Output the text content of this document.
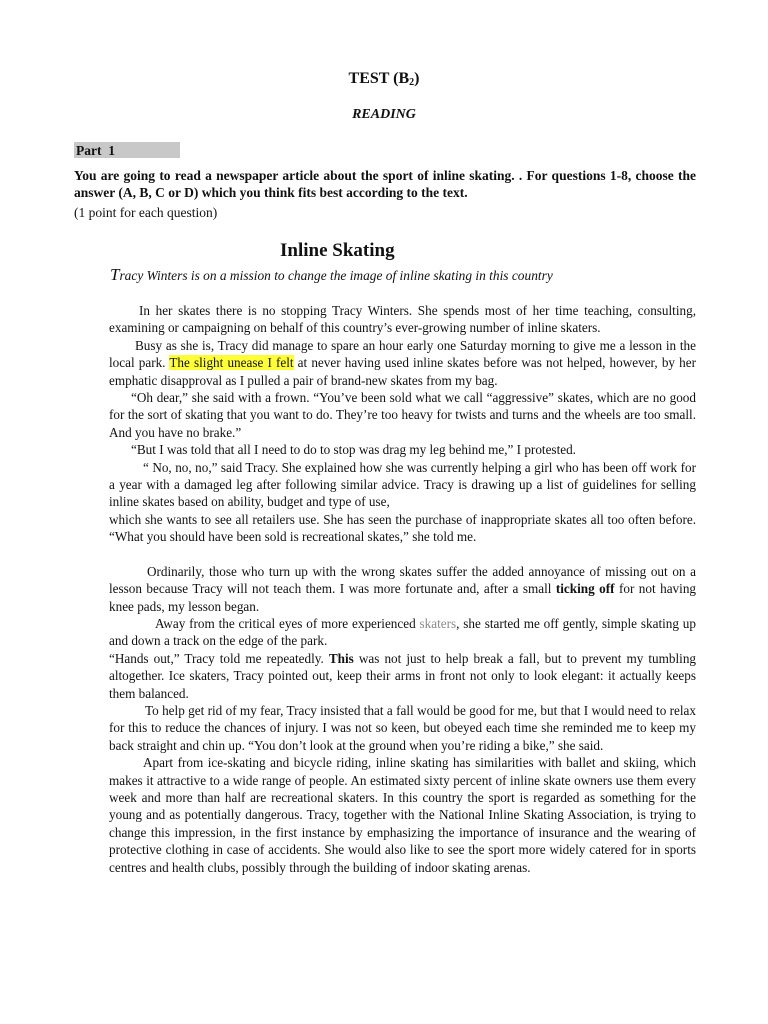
TEST $(B_2)$
READING
Part  1
You are going to read a newspaper article about the sport of inline skating. . For questions 1-8, choose the answer (A, B, C or D) which you think fits best according to the text.
(1 point for each question)
Inline Skating
Tracy Winters is on a mission to change the image of inline skating in this country

In her skates there is no stopping Tracy Winters. She spends most of her time teaching, consulting, examining or campaigning on behalf of this country’s ever-growing number of inline skaters.

Busy as she is, Tracy did manage to spare an hour early one Saturday morning to give me a lesson in the local park. The slight unease I felt at never having used inline skates before was not helped, however, by her emphatic disapproval as I pulled a pair of brand-new skates from my bag.

“Oh dear,” she said with a frown. “You’ve been sold what we call “aggressive” skates, which are no good for the sort of skating that you want to do. They’re too heavy for twists and turns and the wheels are too small. And you have no brake.”

“But I was told that all I need to do to stop was drag my leg behind me,” I protested.

“ No, no, no,” said Tracy. She explained how she was currently helping a girl who has been off work for a year with a damaged leg after following similar advice. Tracy is drawing up a list of guidelines for selling inline skates based on ability, budget and type of use,

which she wants to see all retailers use. She has seen the purchase of inappropriate skates all too often before. “What you should have been sold is recreational skates,” she told me.

Ordinarily, those who turn up with the wrong skates suffer the added annoyance of missing out on a lesson because Tracy will not teach them. I was more fortunate and, after a small ticking off for not having knee pads, my lesson began.

Away from the critical eyes of more experienced skaters, she started me off gently, simple skating up and down a track on the edge of the park.

“Hands out,” Tracy told me repeatedly. This was not just to help break a fall, but to prevent my tumbling altogether. Ice skaters, Tracy pointed out, keep their arms in front not only to look elegant: it actually keeps them balanced.

To help get rid of my fear, Tracy insisted that a fall would be good for me, but that I would need to relax for this to reduce the chances of injury. I was not so keen, but obeyed each time she reminded me to keep my back straight and chin up. “You don’t look at the ground when you’re riding a bike,” she said.

Apart from ice-skating and bicycle riding, inline skating has similarities with ballet and skiing, which makes it attractive to a wide range of people. An estimated sixty percent of inline skate owners use them every week and more than half are recreational skaters. In this country the sport is regarded as something for the young and as potentially dangerous. Tracy, together with the National Inline Skating Association, is trying to change this impression, in the first instance by emphasizing the importance of insurance and the wearing of protective clothing in case of accidents. She would also like to see the sport more widely catered for in sports centres and health clubs, possibly through the building of indoor skating arenas.
